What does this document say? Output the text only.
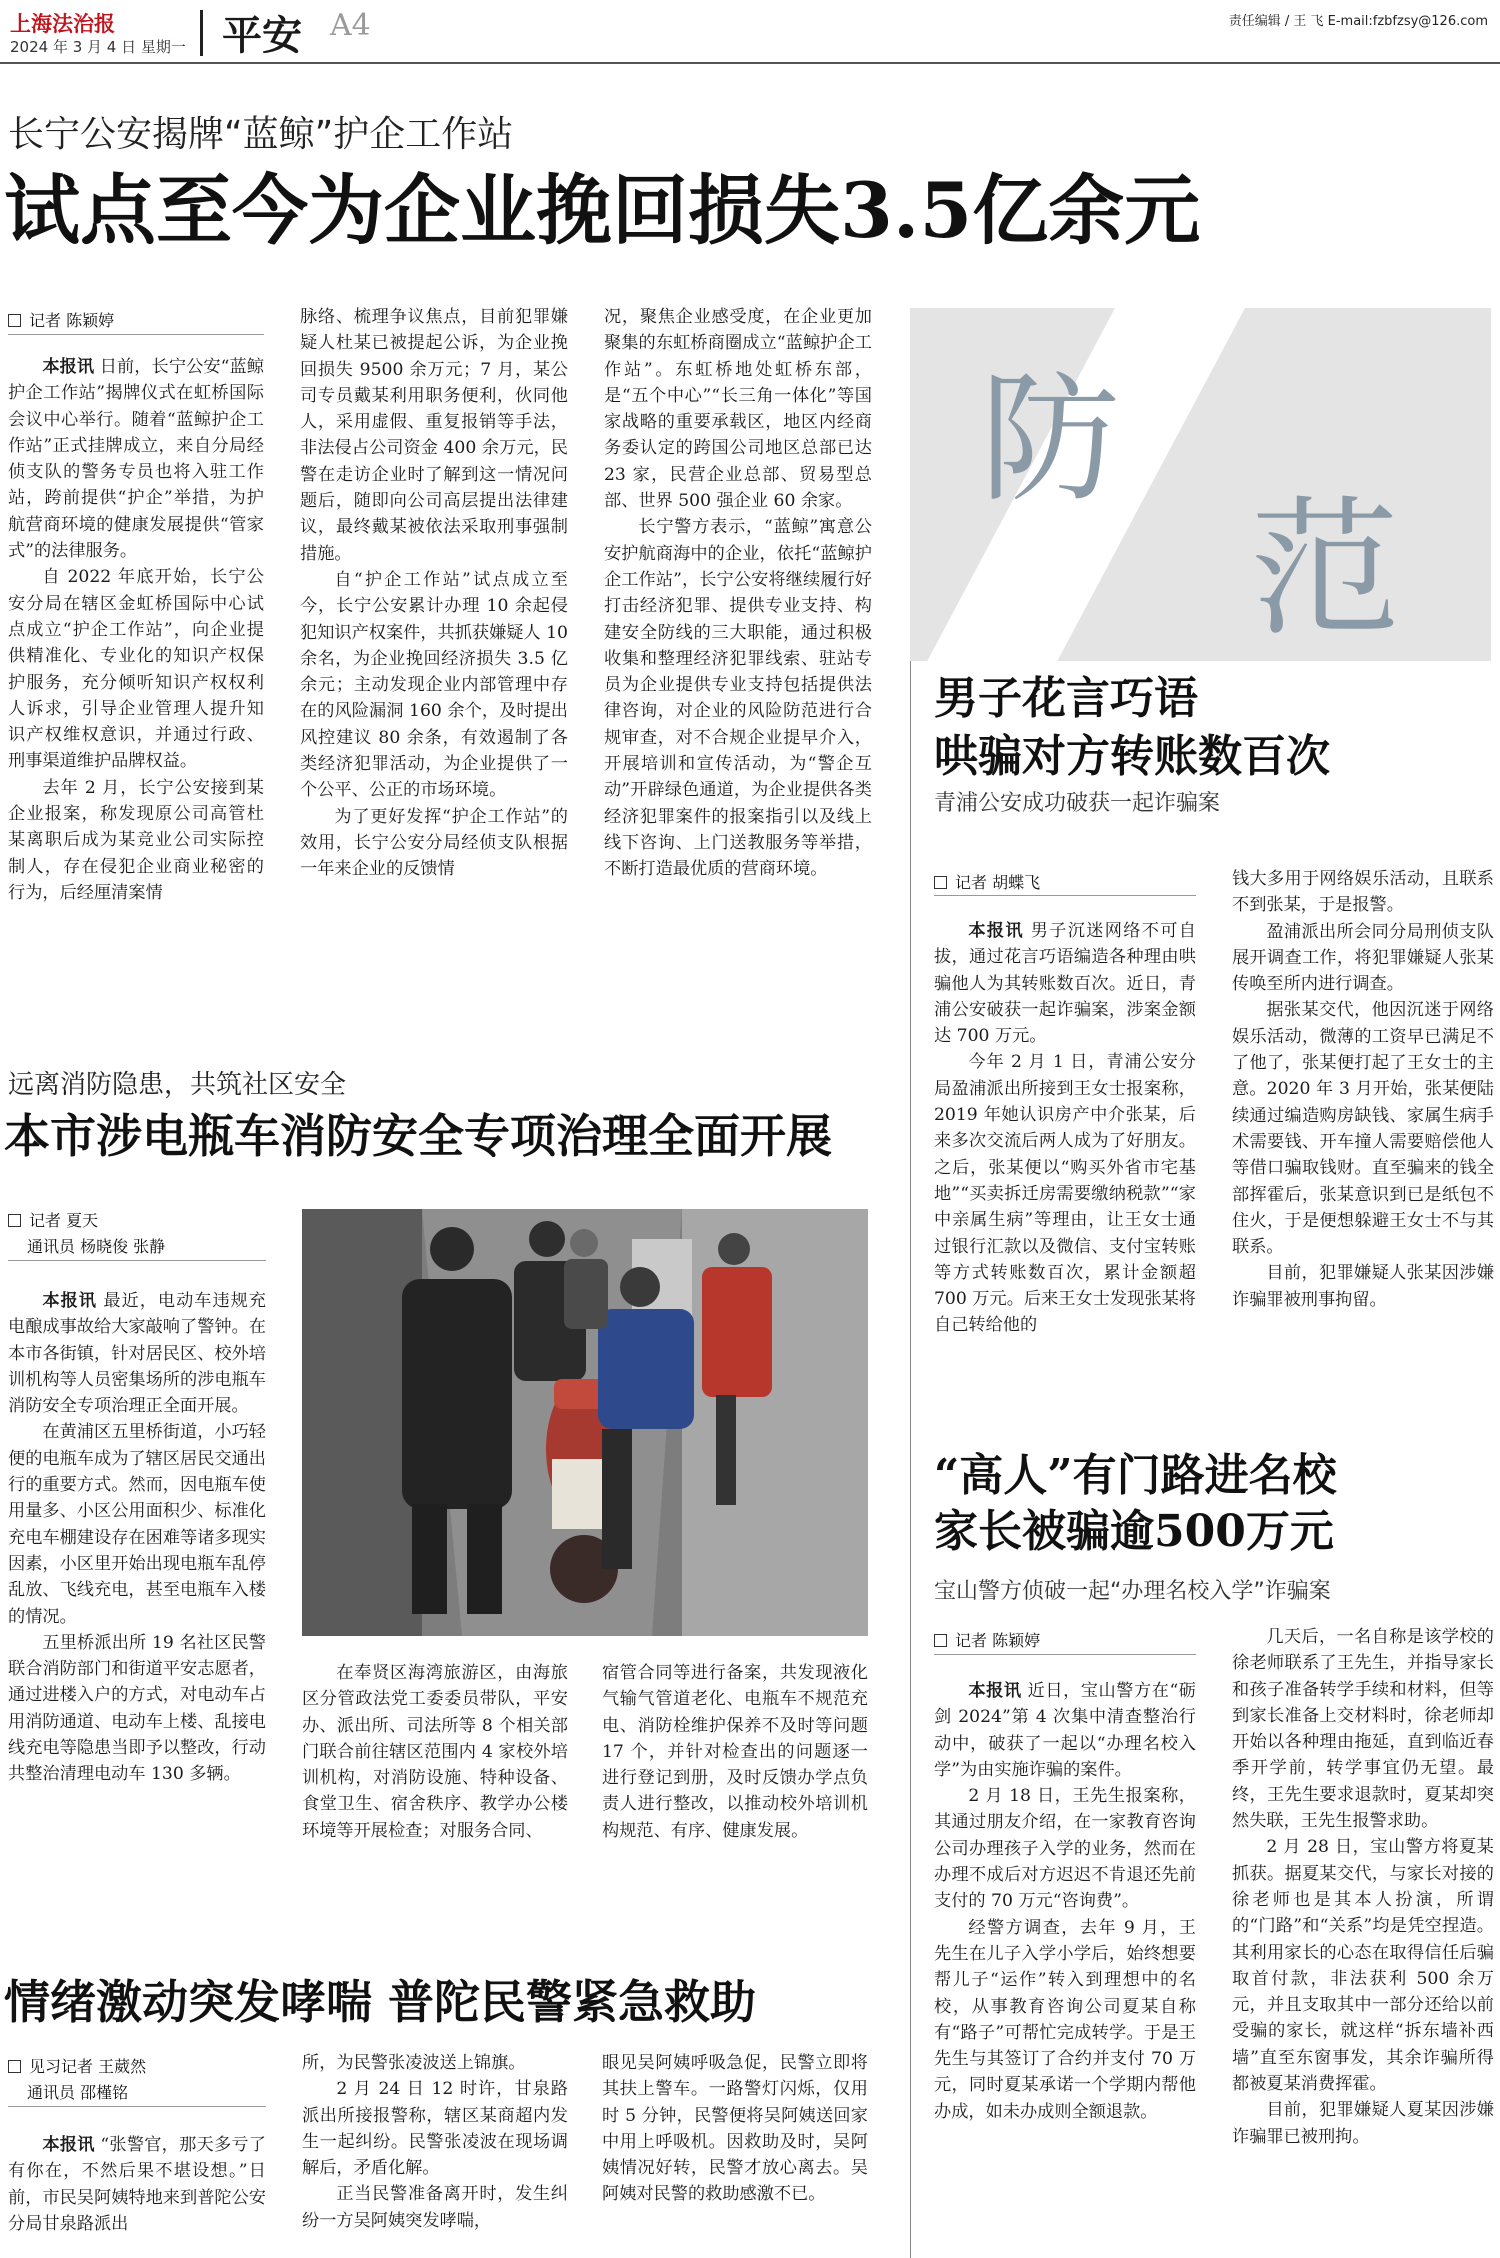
上海法治报
2024 年 3 月 4 日 星期一 平安 A4	责任编辑 / 王 飞 E-mail:fzbfzsy@126.com
长宁公安揭牌“蓝鲸”护企工作站
试点至今为企业挽回损失3.5亿余元
记者 陈颖婷

本报讯 日前，长宁公安“蓝鲸护企工作站”揭牌仪式在虹桥国际会议中心举行。随着“蓝鲸护企工作站”正式挂牌成立，来自分局经侦支队的警务专员也将入驻工作站，跨前提供“护企”举措，为护航营商环境的健康发展提供“管家式”的法律服务。

自 2022 年底开始，长宁公安分局在辖区金虹桥国际中心试点成立“护企工作站”，向企业提供精准化、专业化的知识产权保护服务，充分倾听知识产权权利人诉求，引导企业管理人提升知识产权维权意识，并通过行政、刑事渠道维护品牌权益。

去年 2 月，长宁公安接到某企业报案，称发现原公司高管杜某离职后成为某竞业公司实际控制人，存在侵犯企业商业秘密的行为，后经厘清案情

脉络、梳理争议焦点，目前犯罪嫌疑人杜某已被提起公诉，为企业挽回损失 9500 余万元；7 月，某公司专员戴某利用职务便利，伙同他人，采用虚假、重复报销等手法，非法侵占公司资金 400 余万元，民警在走访企业时了解到这一情况问题后，随即向公司高层提出法律建议，最终戴某被依法采取刑事强制措施。

自“护企工作站”试点成立至今，长宁公安累计办理 10 余起侵犯知识产权案件，共抓获嫌疑人 10 余名，为企业挽回经济损失 3.5 亿余元；主动发现企业内部管理中存在的风险漏洞 160 余个，及时提出风控建议 80 余条，有效遏制了各类经济犯罪活动，为企业提供了一个公平、公正的市场环境。

为了更好发挥“护企工作站”的效用，长宁公安分局经侦支队根据一年来企业的反馈情

况，聚焦企业感受度，在企业更加聚集的东虹桥商圈成立“蓝鲸护企工作站”。东虹桥地处虹桥东部，是“五个中心”“长三角一体化”等国家战略的重要承载区，地区内经商务委认定的跨国公司地区总部已达 23 家，民营企业总部、贸易型总部、世界 500 强企业 60 余家。

长宁警方表示，“蓝鲸”寓意公安护航商海中的企业，依托“蓝鲸护企工作站”，长宁公安将继续履行好打击经济犯罪、提供专业支持、构建安全防线的三大职能，通过积极收集和整理经济犯罪线索、驻站专员为企业提供专业支持包括提供法律咨询，对企业的风险防范进行合规审查，对不合规企业提早介入，开展培训和宣传活动，为“警企互动”开辟绿色通道，为企业提供各类经济犯罪案件的报案指引以及线上线下咨询、上门送教服务等举措，不断打造最优质的营商环境。

防
范
男子花言巧语
哄骗对方转账数百次
青浦公安成功破获一起诈骗案
记者 胡蝶飞

本报讯 男子沉迷网络不可自拔，通过花言巧语编造各种理由哄骗他人为其转账数百次。近日，青浦公安破获一起诈骗案，涉案金额达 700 万元。

今年 2 月 1 日，青浦公安分局盈浦派出所接到王女士报案称，2019 年她认识房产中介张某，后来多次交流后两人成为了好朋友。之后，张某便以“购买外省市宅基地”“买卖拆迁房需要缴纳税款”“家中亲属生病”等理由，让王女士通过银行汇款以及微信、支付宝转账等方式转账数百次，累计金额超 700 万元。后来王女士发现张某将自己转给他的

钱大多用于网络娱乐活动，且联系不到张某，于是报警。

盈浦派出所会同分局刑侦支队展开调查工作，将犯罪嫌疑人张某传唤至所内进行调查。

据张某交代，他因沉迷于网络娱乐活动，微薄的工资早已满足不了他了，张某便打起了王女士的主意。2020 年 3 月开始，张某便陆续通过编造购房缺钱、家属生病手术需要钱、开车撞人需要赔偿他人等借口骗取钱财。直至骗来的钱全部挥霍后，张某意识到已是纸包不住火，于是便想躲避王女士不与其联系。

目前，犯罪嫌疑人张某因涉嫌诈骗罪被刑事拘留。

远离消防隐患，共筑社区安全
本市涉电瓶车消防安全专项治理全面开展
记者 夏天
通讯员 杨晓俊 张静

本报讯 最近，电动车违规充电酿成事故给大家敲响了警钟。在本市各街镇，针对居民区、校外培训机构等人员密集场所的涉电瓶车消防安全专项治理正全面开展。

在黄浦区五里桥街道，小巧轻便的电瓶车成为了辖区居民交通出行的重要方式。然而，因电瓶车使用量多、小区公用面积少、标准化充电车棚建设存在困难等诸多现实因素，小区里开始出现电瓶车乱停乱放、飞线充电，甚至电瓶车入楼的情况。

五里桥派出所 19 名社区民警联合消防部门和街道平安志愿者，通过进楼入户的方式，对电动车占用消防通道、电动车上楼、乱接电线充电等隐患当即予以整改，行动共整治清理电动车 130 多辆。

在奉贤区海湾旅游区，由海旅区分管政法党工委委员带队，平安办、派出所、司法所等 8 个相关部门联合前往辖区范围内 4 家校外培训机构，对消防设施、特种设备、食堂卫生、宿舍秩序、教学办公楼环境等开展检查；对服务合同、

宿管合同等进行备案，共发现液化气输气管道老化、电瓶车不规范充电、消防栓维护保养不及时等问题 17 个，并针对检查出的问题逐一进行登记到册，及时反馈办学点负责人进行整改，以推动校外培训机构规范、有序、健康发展。

“高人”有门路进名校
家长被骗逾500万元
宝山警方侦破一起“办理名校入学”诈骗案
记者 陈颖婷

本报讯 近日，宝山警方在“砺剑 2024”第 4 次集中清查整治行动中，破获了一起以“办理名校入学”为由实施诈骗的案件。

2 月 18 日，王先生报案称，其通过朋友介绍，在一家教育咨询公司办理孩子入学的业务，然而在办理不成后对方迟迟不肯退还先前支付的 70 万元“咨询费”。

经警方调查，去年 9 月，王先生在儿子入学小学后，始终想要帮儿子“运作”转入到理想中的名校，从事教育咨询公司夏某自称有“路子”可帮忙完成转学。于是王先生与其签订了合约并支付 70 万元，同时夏某承诺一个学期内帮他办成，如未办成则全额退款。

几天后，一名自称是该学校的徐老师联系了王先生，并指导家长和孩子准备转学手续和材料，但等到家长准备上交材料时，徐老师却开始以各种理由拖延，直到临近春季开学前，转学事宜仍无望。最终，王先生要求退款时，夏某却突然失联，王先生报警求助。

2 月 28 日，宝山警方将夏某抓获。据夏某交代，与家长对接的徐老师也是其本人扮演，所谓的“门路”和“关系”均是凭空捏造。其利用家长的心态在取得信任后骗取首付款，非法获利 500 余万元，并且支取其中一部分还给以前受骗的家长，就这样“拆东墙补西墙”直至东窗事发，其余诈骗所得都被夏某消费挥霍。

目前，犯罪嫌疑人夏某因涉嫌诈骗罪已被刑拘。

情绪激动突发哮喘 普陀民警紧急救助
见习记者 王葳然
通讯员 邵槿铭

本报讯 “张警官，那天多亏了有你在，不然后果不堪设想。”日前，市民吴阿姨特地来到普陀公安分局甘泉路派出

所，为民警张凌波送上锦旗。

2 月 24 日 12 时许，甘泉路派出所接报警称，辖区某商超内发生一起纠纷。民警张凌波在现场调解后，矛盾化解。

正当民警准备离开时，发生纠纷一方吴阿姨突发哮喘，

眼见吴阿姨呼吸急促，民警立即将其扶上警车。一路警灯闪烁，仅用时 5 分钟，民警便将吴阿姨送回家中用上呼吸机。因救助及时，吴阿姨情况好转，民警才放心离去。吴阿姨对民警的救助感激不已。
